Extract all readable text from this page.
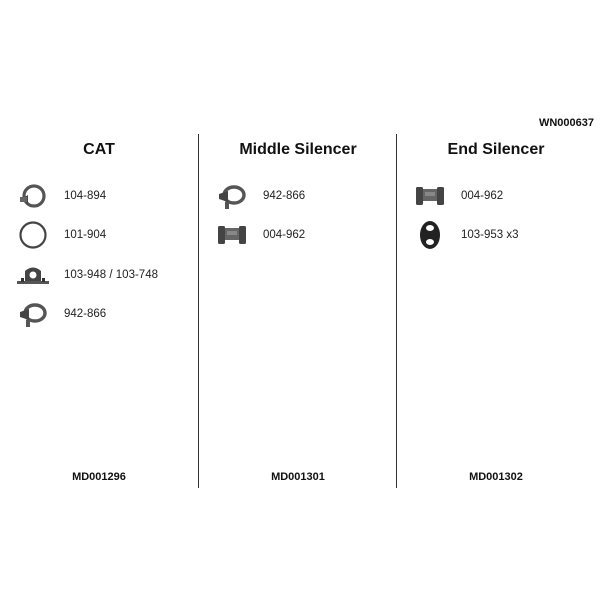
WN000637
CAT
104-894
101-904
103-948 / 103-748
942-866
MD001296
Middle Silencer
942-866
004-962
MD001301
End Silencer
004-962
103-953 x3
MD001302
